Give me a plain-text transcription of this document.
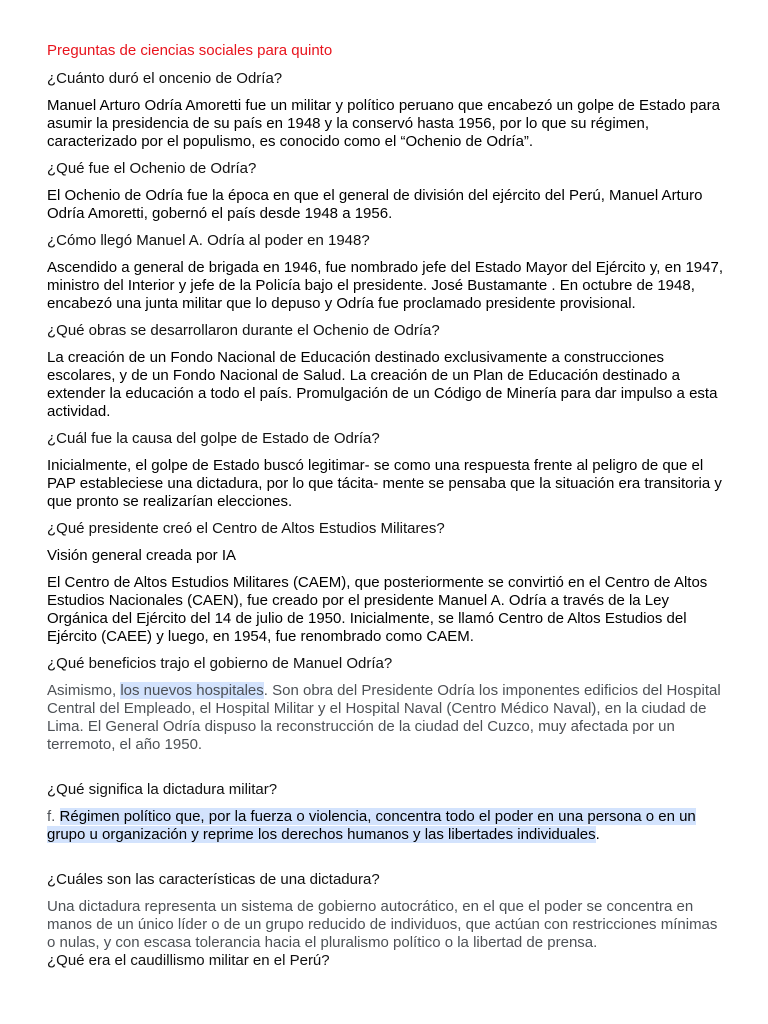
Preguntas de ciencias sociales para quinto

¿Cuánto duró el oncenio de Odría?

Manuel Arturo Odría Amoretti fue un militar y político peruano que encabezó un golpe de Estado para asumir la presidencia de su país en 1948 y la conservó hasta 1956, por lo que su régimen, caracterizado por el populismo, es conocido como el “Ochenio de Odría”.

¿Qué fue el Ochenio de Odría?

El Ochenio de Odría fue la época en que el general de división del ejército del Perú, Manuel Arturo Odría Amoretti, gobernó el país desde 1948 a 1956.

¿Cómo llegó Manuel A. Odría al poder en 1948?

Ascendido a general de brigada en 1946, fue nombrado jefe del Estado Mayor del Ejército y, en 1947, ministro del Interior y jefe de la Policía bajo el presidente. José Bustamante . En octubre de 1948, encabezó una junta militar que lo depuso y Odría fue proclamado presidente provisional.

¿Qué obras se desarrollaron durante el Ochenio de Odría?

La creación de un Fondo Nacional de Educación destinado exclusivamente a construcciones escolares, y de un Fondo Nacional de Salud. La creación de un Plan de Educación destinado a extender la educación a todo el país. Promulgación de un Código de Minería para dar impulso a esta actividad.

¿Cuál fue la causa del golpe de Estado de Odría?

Inicialmente, el golpe de Estado buscó legitimar- se como una respuesta frente al peligro de que el PAP estableciese una dictadura, por lo que tácita- mente se pensaba que la situación era transitoria y que pronto se realizarían elecciones.

¿Qué presidente creó el Centro de Altos Estudios Militares?

Visión general creada por IA

El Centro de Altos Estudios Militares (CAEM), que posteriormente se convirtió en el Centro de Altos Estudios Nacionales (CAEN), fue creado por el presidente Manuel A. Odría a través de la Ley Orgánica del Ejército del 14 de julio de 1950. Inicialmente, se llamó Centro de Altos Estudios del Ejército (CAEE) y luego, en 1954, fue renombrado como CAEM.

¿Qué beneficios trajo el gobierno de Manuel Odría?

Asimismo, los nuevos hospitales. Son obra del Presidente Odría los imponentes edificios del Hospital Central del Empleado, el Hospital Militar y el Hospital Naval (Centro Médico Naval), en la ciudad de Lima. El General Odría dispuso la reconstrucción de la ciudad del Cuzco, muy afectada por un terremoto, el año 1950.

¿Qué significa la dictadura militar?

f. Régimen político que, por la fuerza o violencia, concentra todo el poder en una persona o en un grupo u organización y reprime los derechos humanos y las libertades individuales.

¿Cuáles son las características de una dictadura?

Una dictadura representa un sistema de gobierno autocrático, en el que el poder se concentra en manos de un único líder o de un grupo reducido de individuos, que actúan con restricciones mínimas o nulas, y con escasa tolerancia hacia el pluralismo político o la libertad de prensa.

¿Qué era el caudillismo militar en el Perú?
